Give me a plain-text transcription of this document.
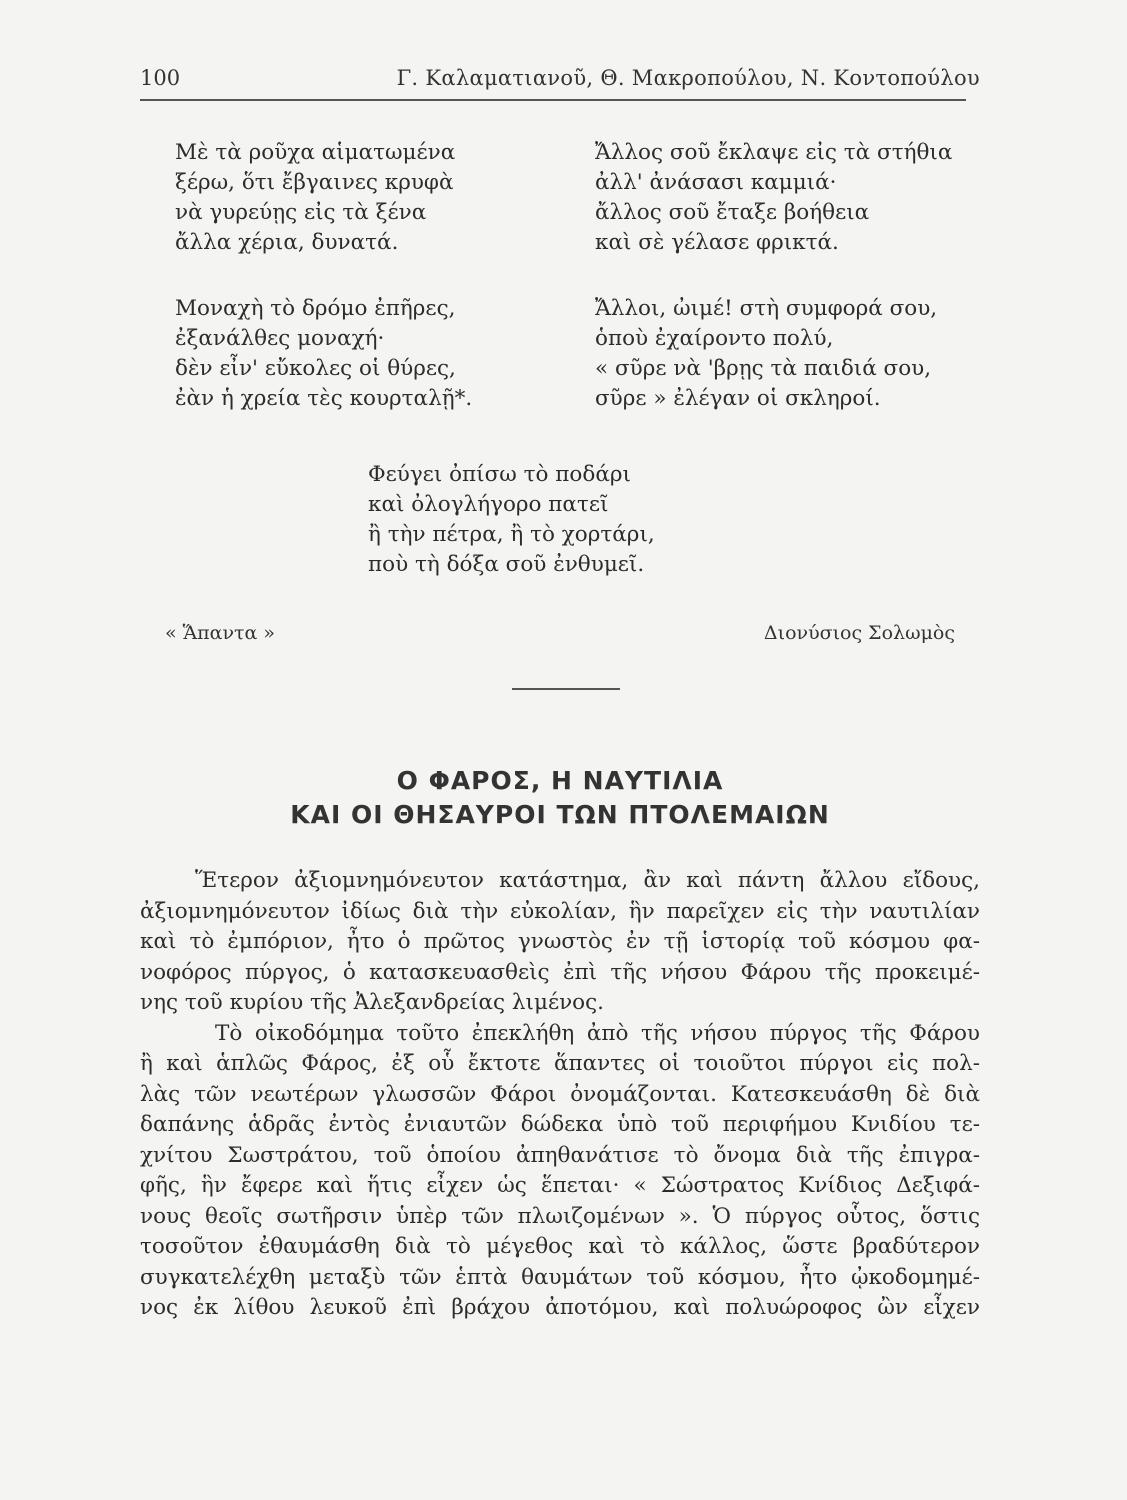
100	Γ. Καλαματιανοῦ, Θ. Μακροπούλου, Ν. Κοντοπούλου
Μὲ τὰ ροῦχα αἱματωμένα
ξέρω, ὅτι ἔβγαινες κρυφὰ
νὰ γυρεύῃς εἰς τὰ ξένα
ἄλλα χέρια, δυνατά.
Ἄλλος σοῦ ἔκλαψε εἰς τὰ στήθια
ἀλλ' ἀνάσασι καμμιά·
ἄλλος σοῦ ἔταξε βοήθεια
καὶ σὲ γέλασε φρικτά.
Μοναχὴ τὸ δρόμο ἐπῆρες,
ἐξανάλθες μοναχή·
δὲν εἶν' εὔκολες οἱ θύρες,
ἐὰν ἡ χρεία τὲς κουρταλῇ*.
Ἄλλοι, ὠιμέ! στὴ συμφορά σου,
ὁποὺ ἐχαίροντο πολύ,
« σῦρε νὰ 'βρῃς τὰ παιδιά σου,
σῦρε » ἐλέγαν οἱ σκληροί.
Φεύγει ὀπίσω τὸ ποδάρι
καὶ ὀλογλήγορο πατεῖ
ἢ τὴν πέτρα, ἢ τὸ χορτάρι,
ποὺ τὴ δόξα σοῦ ἐνθυμεῖ.
« Ἅπαντα »	Διονύσιος Σολωμὸς
Ο ΦΑΡΟΣ, Η ΝΑΥΤΙΛΙΑ
ΚΑΙ ΟΙ ΘΗΣΑΥΡΟΙ ΤΩΝ ΠΤΟΛΕΜΑΙΩΝ
Ἕτερον ἀξιομνημόνευτον κατάστημα, ἂν καὶ πάντη ἄλλου εἴδους,
ἀξιομνημόνευτον ἰδίως διὰ τὴν εὐκολίαν, ἣν παρεῖχεν εἰς τὴν ναυτιλίαν
καὶ τὸ ἐμπόριον, ἦτο ὁ πρῶτος γνωστὸς ἐν τῇ ἱστορίᾳ τοῦ κόσμου φα-
νοφόρος πύργος, ὁ κατασκευασθεὶς ἐπὶ τῆς νήσου Φάρου τῆς προκειμέ-
νης τοῦ κυρίου τῆς Ἀλεξανδρείας λιμένος.
Τὸ οἰκοδόμημα τοῦτο ἐπεκλήθη ἀπὸ τῆς νήσου πύργος τῆς Φάρου
ἢ καὶ ἁπλῶς Φάρος, ἐξ οὗ ἔκτοτε ἅπαντες οἱ τοιοῦτοι πύργοι εἰς πολ-
λὰς τῶν νεωτέρων γλωσσῶν Φάροι ὀνομάζονται. Κατεσκευάσθη δὲ διὰ
δαπάνης ἁδρᾶς ἐντὸς ἐνιαυτῶν δώδεκα ὑπὸ τοῦ περιφήμου Κνιδίου τε-
χνίτου Σωστράτου, τοῦ ὁποίου ἀπηθανάτισε τὸ ὄνομα διὰ τῆς ἐπιγρα-
φῆς, ἣν ἔφερε καὶ ἥτις εἶχεν ὡς ἕπεται· « Σώστρατος Κνίδιος Δεξιφά-
νους θεοῖς σωτῆρσιν ὑπὲρ τῶν πλωιζομένων ». Ὁ πύργος οὗτος, ὅστις
τοσοῦτον ἐθαυμάσθη διὰ τὸ μέγεθος καὶ τὸ κάλλος, ὥστε βραδύτερον
συγκατελέχθη μεταξὺ τῶν ἑπτὰ θαυμάτων τοῦ κόσμου, ἦτο ᾠκοδομημέ-
νος ἐκ λίθου λευκοῦ ἐπὶ βράχου ἀποτόμου, καὶ πολυώροφος ὢν εἶχεν
